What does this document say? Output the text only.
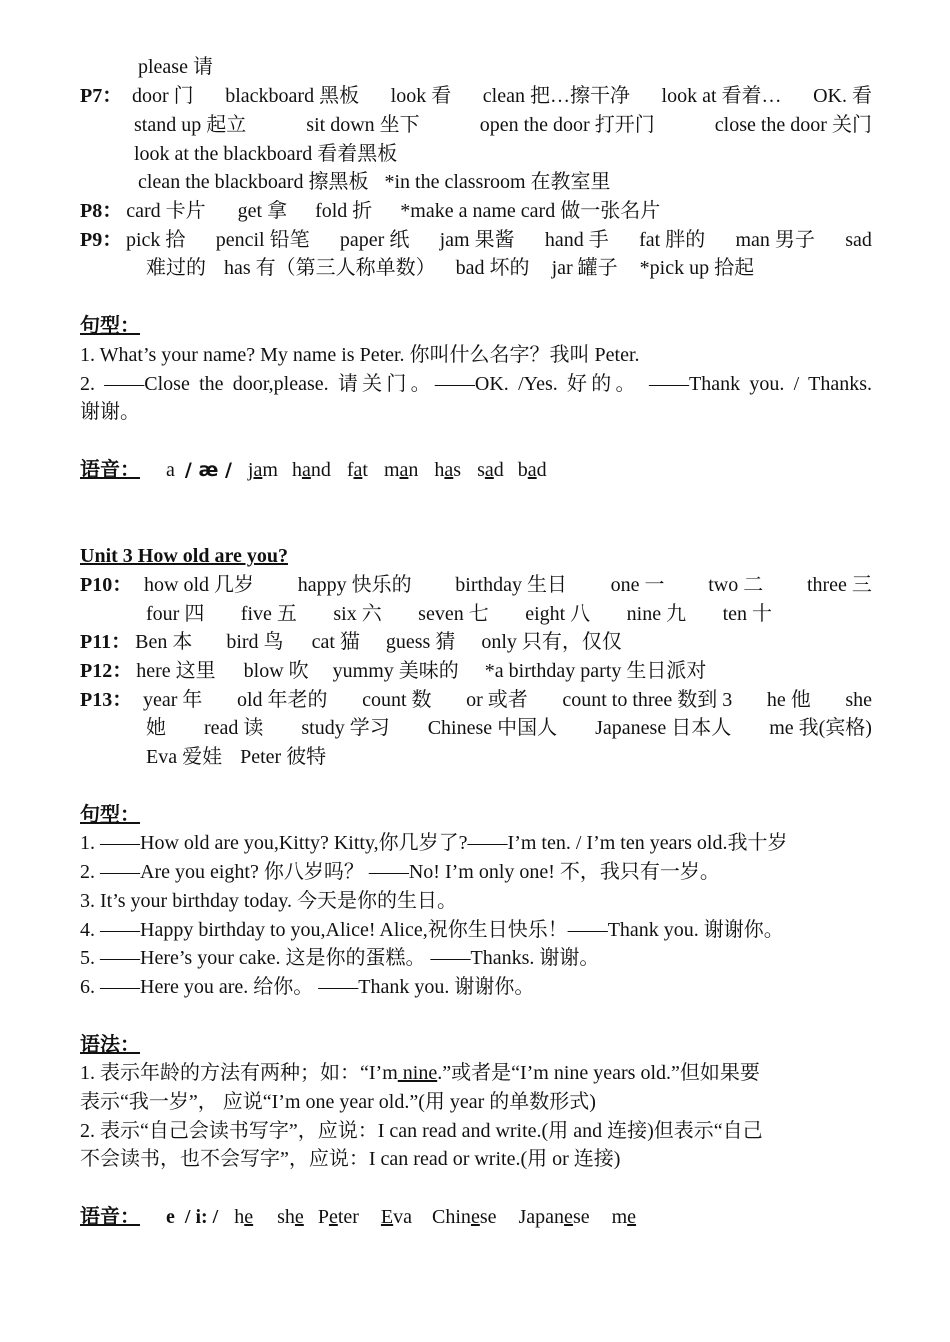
please 请
P7： door 门 blackboard 黑板 look 看 clean 把…擦干净 look at 看着… OK. 看
stand up 起立	sit down 坐下	open the door 打开门	close the door 关门
look at the blackboard 看着黑板
clean the blackboard 擦黑板 *in the classroom 在教室里
P8： card 卡片 get 拿 fold 折 *make a name card 做一张名片
P9： pick 拾 pencil 铅笔 paper 纸 jam 果酱 hand 手 fat 胖的 man 男子 sad
难过的 has 有（第三人称单数） bad 坏的 jar 罐子 *pick up 拾起
句型：
1. What’s your name? My name is Peter. 你叫什么名字？我叫 Peter.
2. ——Close the door,please. 请关门。——OK. /Yes. 好的。 ——Thank you. / Thanks.
谢谢。
语音： a / æ / jam hand fat man has sad bad
Unit 3 How old are you?
P10： how old 几岁 happy 快乐的 birthday 生日 one 一 two 二 three 三
four 四 five 五 six 六 seven 七 eight 八 nine 九 ten 十
P11： Ben 本 bird 鸟 cat 猫 guess 猜 only 只有，仅仅
P12： here 这里 blow 吹 yummy 美味的 *a birthday party 生日派对
P13： year 年 old 年老的 count 数 or 或者 count to three 数到 3 he 他 she
她 read 读 study 学习 Chinese 中国人 Japanese 日本人 me 我(宾格)
Eva 爱娃 Peter 彼特
句型：
1. ——How old are you,Kitty? Kitty,你几岁了?——I’m ten. / I’m ten years old.我十岁
2. ——Are you eight? 你八岁吗？ ——No! I’m only one! 不，我只有一岁。
3. It’s your birthday today. 今天是你的生日。
4. ——Happy birthday to you,Alice! Alice,祝你生日快乐！——Thank you. 谢谢你。
5. ——Here’s your cake. 这是你的蛋糕。 ——Thanks. 谢谢。
6. ——Here you are. 给你。 ——Thank you. 谢谢你。
语法：
1. 表示年龄的方法有两种；如：“I’m nine.”或者是“I’m nine years old.”但如果要
表示“我一岁”， 应说“I’m one year old.”(用 year 的单数形式)
2. 表示“自己会读书写字”，应说：I can read and write.(用 and 连接)但表示“自己
不会读书，也不会写字”，应说：I can read or write.(用 or 连接)
语音： e / i: / he she Peter Eva Chinese Japanese me
